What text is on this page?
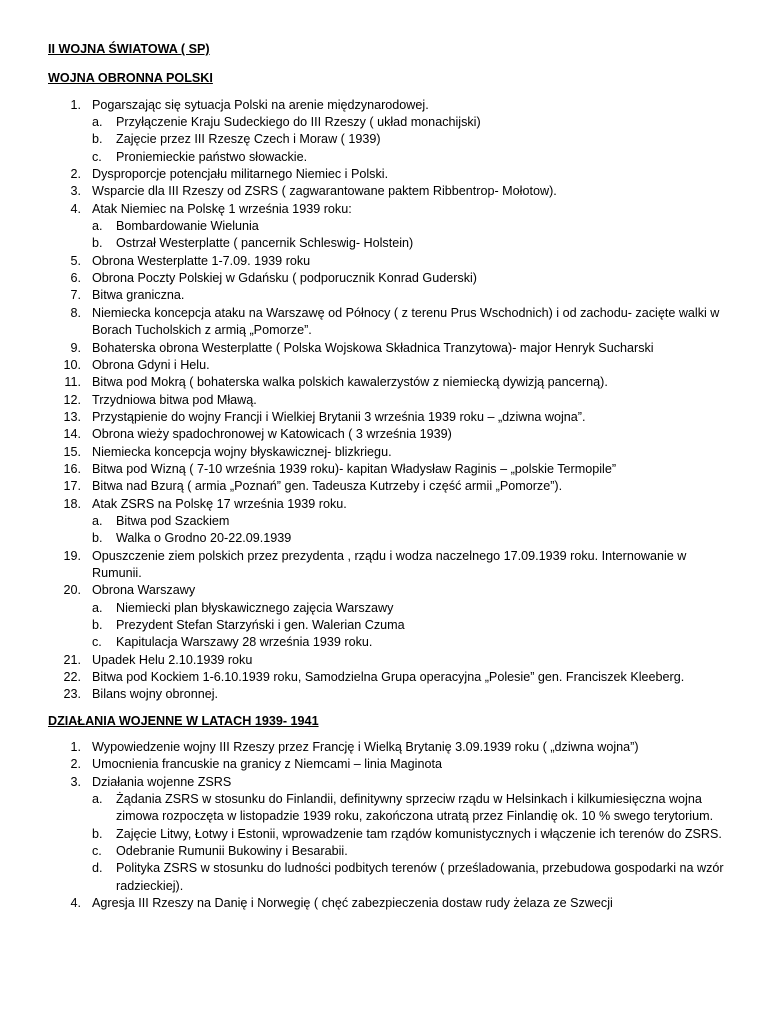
II WOJNA ŚWIATOWA ( SP)

WOJNA OBRONNA POLSKI

1. Pogarszając się sytuacja Polski na arenie międzynarodowej.
a. Przyłączenie Kraju Sudeckiego do III Rzeszy ( układ monachijski)
b. Zajęcie przez III Rzeszę Czech i Moraw ( 1939)
c. Proniemieckie państwo słowackie.
2. Dysproporcje potencjału militarnego Niemiec i Polski.
3. Wsparcie dla III Rzeszy od ZSRS ( zagwarantowane paktem Ribbentrop- Mołotow).
4. Atak Niemiec na Polskę 1 września 1939 roku:
a. Bombardowanie Wielunia
b. Ostrzał Westerplatte ( pancernik Schleswig- Holstein)
5. Obrona Westerplatte 1-7.09. 1939 roku
6. Obrona Poczty Polskiej w Gdańsku ( podporucznik Konrad Guderski)
7. Bitwa graniczna.
8. Niemiecka koncepcja ataku na Warszawę od Północy ( z terenu Prus Wschodnich) i od zachodu- zacięte walki w Borach Tucholskich z armią „Pomorze”.
9. Bohaterska obrona Westerplatte ( Polska Wojskowa Składnica Tranzytowa)- major Henryk Sucharski
10. Obrona Gdyni i Helu.
11. Bitwa pod Mokrą ( bohaterska walka polskich kawalerzystów z niemiecką dywizją pancerną).
12. Trzydniowa bitwa pod Mławą.
13. Przystąpienie do wojny Francji i Wielkiej Brytanii 3 września 1939 roku – „dziwna wojna”.
14. Obrona wieży spadochronowej w Katowicach ( 3 września 1939)
15. Niemiecka koncepcja wojny błyskawicznej- blizkriegu.
16. Bitwa pod Wizną ( 7-10 września 1939 roku)- kapitan Władysław Raginis – „polskie Termopile”
17. Bitwa nad Bzurą ( armia „Poznań” gen. Tadeusza Kutrzeby i część armii „Pomorze”).
18. Atak ZSRS na Polskę 17 września 1939 roku.
a. Bitwa pod Szackiem
b. Walka o Grodno 20-22.09.1939
19. Opuszczenie ziem polskich przez prezydenta , rządu i wodza naczelnego 17.09.1939 roku. Internowanie w Rumunii.
20. Obrona Warszawy
a. Niemiecki plan błyskawicznego zajęcia Warszawy
b. Prezydent Stefan Starzyński i gen. Walerian Czuma
c. Kapitulacja Warszawy 28 września 1939 roku.
21. Upadek Helu 2.10.1939 roku
22. Bitwa pod Kockiem 1-6.10.1939 roku, Samodzielna Grupa operacyjna „Polesie” gen. Franciszek Kleeberg.
23. Bilans wojny obronnej.

DZIAŁANIA WOJENNE W LATACH 1939- 1941

1. Wypowiedzenie wojny III Rzeszy przez Francję i Wielką Brytanię 3.09.1939 roku ( „dziwna wojna”)
2. Umocnienia francuskie na granicy z Niemcami – linia Maginota
3. Działania wojenne ZSRS
a. Żądania ZSRS w stosunku do Finlandii, definitywny sprzeciw rządu w Helsinkach i kilkumiesięczna wojna zimowa rozpoczęta w listopadzie 1939 roku, zakończona utratą przez Finlandię ok. 10 % swego terytorium.
b. Zajęcie Litwy, Łotwy i Estonii, wprowadzenie tam rządów komunistycznych i włączenie ich terenów do ZSRS.
c. Odebranie Rumunii Bukowiny i Besarabii.
d. Polityka ZSRS w stosunku do ludności podbitych terenów ( prześladowania, przebudowa gospodarki na wzór radzieckiej).
4. Agresja III Rzeszy na Danię i Norwegię ( chęć zabezpieczenia dostaw rudy żelaza ze Szwecji
